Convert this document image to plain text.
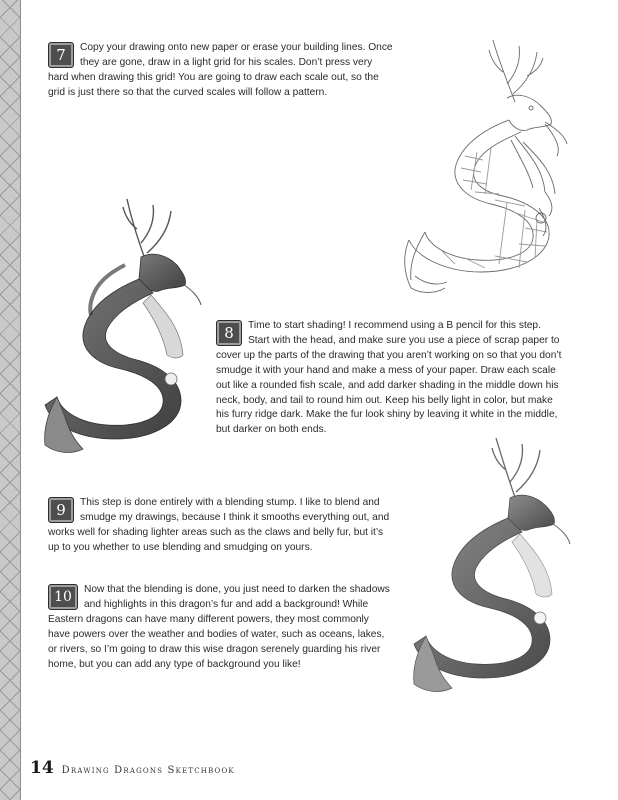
7	Copy your drawing onto new paper or erase your building lines. Once they are gone, draw in a light grid for his scales. Don’t press very hard when drawing this grid! You are going to draw each scale out, so the grid is just there so that the curved scales will follow a pattern.
8	Time to start shading! I recommend using a B pencil for this step. Start with the head, and make sure you use a piece of scrap paper to cover up the parts of the drawing that you aren’t working on so that you don’t smudge it with your hand and make a mess of your paper. Draw each scale out like a rounded fish scale, and add darker shading in the middle down his neck, body, and tail to round him out. Keep his belly light in color, but make his furry ridge dark. Make the fur look shiny by leaving it white in the middle, but darker on both ends.
9	This step is done entirely with a blending stump. I like to blend and smudge my drawings, because I think it smooths everything out, and works well for shading lighter areas such as the claws and belly fur, but it’s up to you whether to use blending and smudging on yours.
10	Now that the blending is done, you just need to darken the shadows and highlights in this dragon’s fur and add a background! While Eastern dragons can have many different powers, they most commonly have powers over the weather and bodies of water, such as oceans, lakes, or rivers, so I’m going to draw this wise dragon serenely guarding his river home, but you can add any type of background you like!
14 Drawing Dragons Sketchbook
